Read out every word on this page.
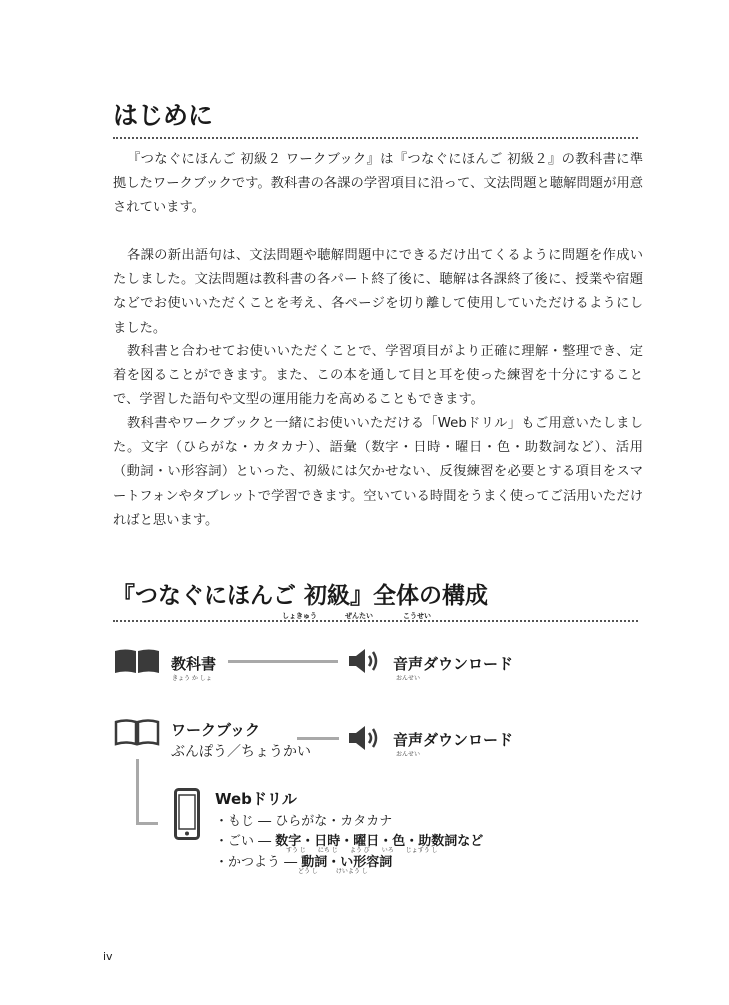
はじめに

『つなぐにほんご 初級２ ワークブック』は『つなぐにほんご 初級２』の教科書に準拠したワークブックです。教科書の各課の学習項目に沿って、文法問題と聴解問題が用意されています。

各課の新出語句は、文法問題や聴解問題中にできるだけ出てくるように問題を作成いたしました。文法問題は教科書の各パート終了後に、聴解は各課終了後に、授業や宿題などでお使いいただくことを考え、各ページを切り離して使用していただけるようにしました。

教科書と合わせてお使いいただくことで、学習項目がより正確に理解・整理でき、定着を図ることができます。また、この本を通して目と耳を使った練習を十分にすることで、学習した語句や文型の運用能力を高めることもできます。

教科書やワークブックと一緒にお使いいただける「Webドリル」もご用意いたしました。文字（ひらがな・カタカナ）、語彙（数字・日時・曜日・色・助数詞など）、活用（動詞・い形容詞）といった、初級には欠かせない、反復練習を必要とする項目をスマートフォンやタブレットで学習できます。空いている時間をうまく使ってご活用いただければと思います。

『つなぐにほんご 初級』全体の構成
しょきゅう	ぜんたい	こうせい
教科書
きょう か しょ
音声ダウンロード
おんせい
ワークブック
ぶんぽう／ちょうかい
音声ダウンロード
おんせい
Webドリル
・もじ ― ひらがな・カタカナ
・ごい ― 数字・日時・曜日・色・助数詞など
すう じ　　にち じ　　よう び　　いろ　　じょすう し
・かつよう ― 動詞・い形容詞
どう し　　　けいよう し
iv
